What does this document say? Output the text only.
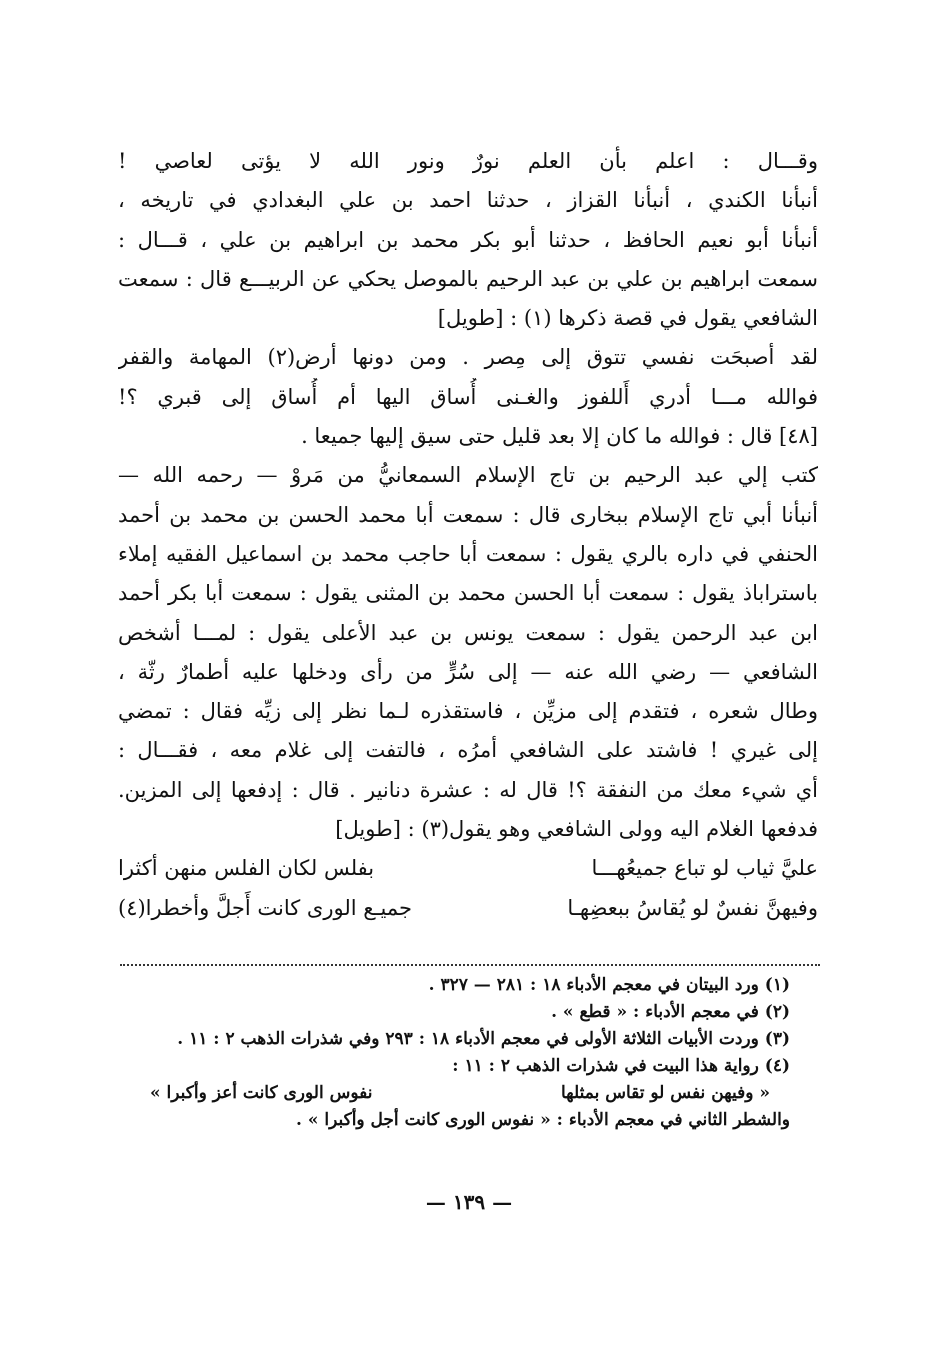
وقـــال : اعلم بأن العلم نورٌ ونور الله لا يؤتى لعاصي !
أنبأنا الكندي ، أنبأنا القزاز ، حدثنا احمد بن علي البغدادي في تاريخه ،
أنبأنا أبو نعيم الحافظ ، حدثنا أبو بكر محمد بن ابراهيم بن علي ، قـــال :
سمعت ابراهيم بن علي بن عبد الرحيم بالموصل يحكي عن الربيـــع قال : سمعت
الشافعي يقول في قصة ذكرها (١) : [طويل]
لقد أصبحَت نفسي تتوق إلى مِصر . ومن دونها أرض(٢) المهامة والقفر
فوالله مـــا أدري أَللفوز والغـنى أُساق اليها أم أُساق إلى قبري ؟!
[٤٨] قال : فوالله ما كان إلا بعد قليل حتى سيق إليها جميعا .
كتب إلي عبد الرحيم بن تاج الإسلام السمعانيُّ من مَروْ — رحمه الله —
أنبأنا أبي تاج الإسلام ببخارى قال : سمعت أبا محمد الحسن بن محمد بن أحمد
الحنفي في داره بالري يقول : سمعت أبا حاجب محمد بن اسماعيل الفقيه إملاء
باستراباذ يقول : سمعت أبا الحسن محمد بن المثنى يقول : سمعت أبا بكر أحمد
ابن عبد الرحمن يقول : سمعت يونس بن عبد الأعلى يقول : لمـــا أشخص
الشافعي — رضي الله عنه — إلى سُرٍّ من رأى ودخلها عليه أطمارٌ رثّة ،
وطال شعره ، فتقدم إلى مزيِّن ، فاستقذره لـما نظر إلى زيِّه فقال : تمضي
إلى غيري ! فاشتد على الشافعي أمرُه ، فالتفت إلى غلام معه ، فقـــال :
أي شيء معك من النفقة ؟! قال له : عشرة دنانير . قال : إدفعها إلى المزين.
فدفعها الغلام اليه وولى الشافعي وهو يقول(٣) : [طويل]
عليَّ ثياب لو تباع جميعُهـــا
بفلس لكان الفلس منهن أكثرا
وفيهنَّ نفسٌ لو يُقاسُ ببعضِهـا
جميـع الورى كانت أَجلَّ وأخطرا(٤)
(١) ورد البيتان في معجم الأدباء ١٨ : ٢٨١ — ٣٢٧ .
(٢) في معجم الأدباء : « قطع » .
(٣) وردت الأبيات الثلاثة الأولى في معجم الأدباء ١٨ : ٢٩٣ وفي شذرات الذهب ٢ : ١١ .
(٤) رواية هذا البيت في شذرات الذهب ٢ : ١١ :
« وفيهن نفس لو تقاس بمثلها
نفوس الورى كانت أعز وأكبرا »
والشطر الثاني في معجم الأدباء : « نفوس الورى كانت أجل وأكبرا » .
— ١٣٩ —
